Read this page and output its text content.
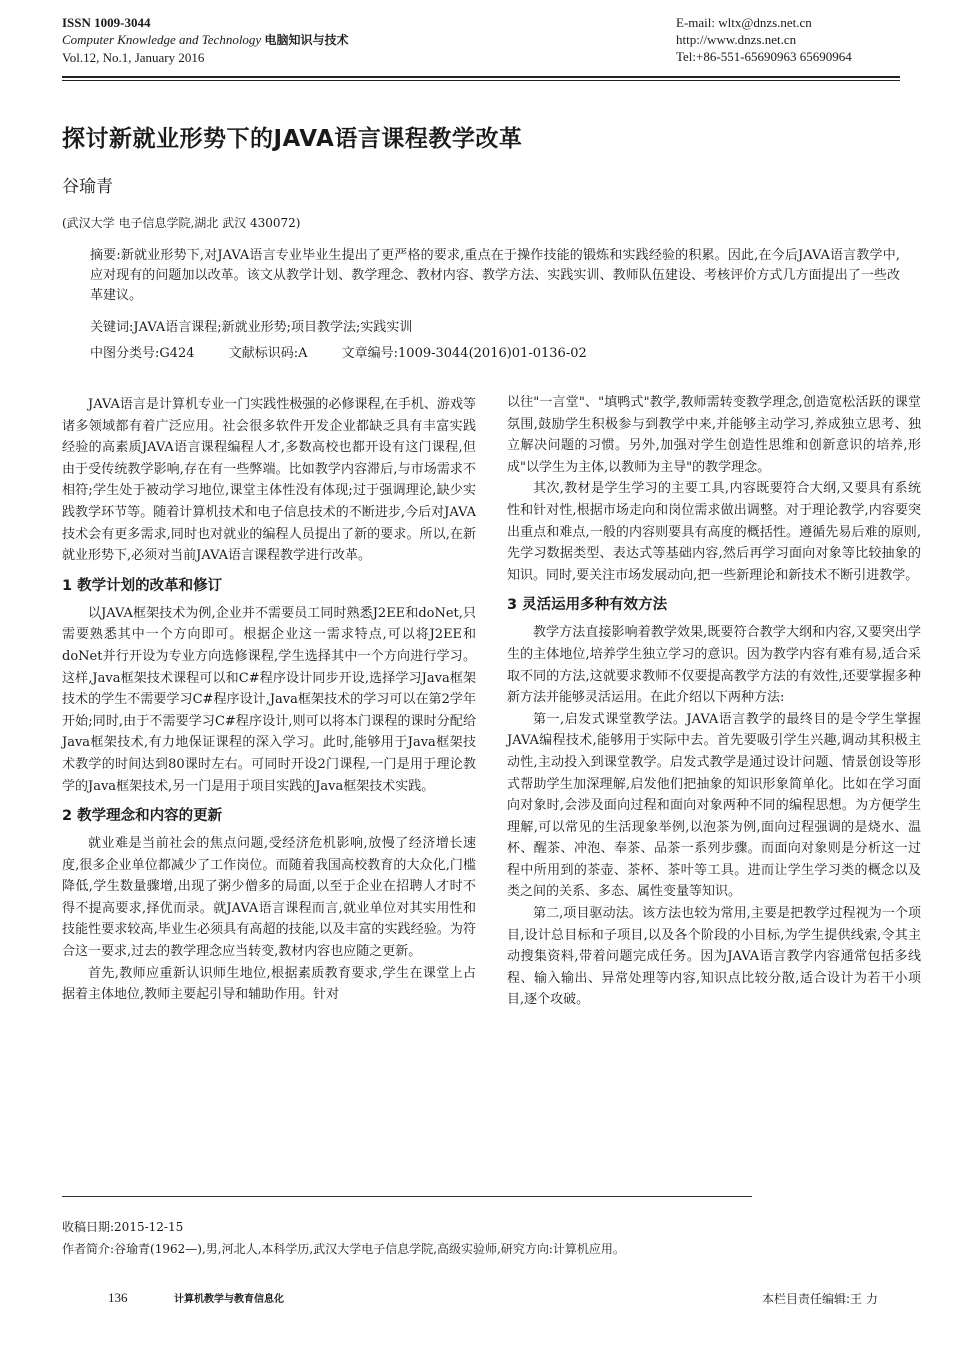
ISSN 1009-3044
Computer Knowledge and Technology 电脑知识与技术
Vol.12, No.1, January 2016
E-mail: wltx@dnzs.net.cn
http://www.dnzs.net.cn
Tel:+86-551-65690963 65690964
探讨新就业形势下的JAVA语言课程教学改革
谷瑜青
(武汉大学 电子信息学院,湖北 武汉 430072)
摘要:新就业形势下,对JAVA语言专业毕业生提出了更严格的要求,重点在于操作技能的锻炼和实践经验的积累。因此,在今后JAVA语言教学中,应对现有的问题加以改革。该文从教学计划、教学理念、教材内容、教学方法、实践实训、教师队伍建设、考核评价方式几方面提出了一些改革建议。
关键词:JAVA语言课程;新就业形势;项目教学法;实践实训
中图分类号:G424	文献标识码:A	文章编号:1009-3044(2016)01-0136-02

JAVA语言是计算机专业一门实践性极强的必修课程,在手机、游戏等诸多领域都有着广泛应用。社会很多软件开发企业都缺乏具有丰富实践经验的高素质JAVA语言课程编程人才,多数高校也都开设有这门课程,但由于受传统教学影响,存在有一些弊端。比如教学内容滞后,与市场需求不相符;学生处于被动学习地位,课堂主体性没有体现;过于强调理论,缺少实践教学环节等。随着计算机技术和电子信息技术的不断进步,今后对JAVA技术会有更多需求,同时也对就业的编程人员提出了新的要求。所以,在新就业形势下,必须对当前JAVA语言课程教学进行改革。

1 教学计划的改革和修订

以JAVA框架技术为例,企业并不需要员工同时熟悉J2EE和doNet,只需要熟悉其中一个方向即可。根据企业这一需求特点,可以将J2EE和doNet并行开设为专业方向选修课程,学生选择其中一个方向进行学习。这样,Java框架技术课程可以和C#程序设计同步开设,选择学习Java框架技术的学生不需要学习C#程序设计,Java框架技术的学习可以在第2学年开始;同时,由于不需要学习C#程序设计,则可以将本门课程的课时分配给Java框架技术,有力地保证课程的深入学习。此时,能够用于Java框架技术教学的时间达到80课时左右。可同时开设2门课程,一门是用于理论教学的Java框架技术,另一门是用于项目实践的Java框架技术实践。

2 教学理念和内容的更新

就业难是当前社会的焦点问题,受经济危机影响,放慢了经济增长速度,很多企业单位都减少了工作岗位。而随着我国高校教育的大众化,门槛降低,学生数量骤增,出现了粥少僧多的局面,以至于企业在招聘人才时不得不提高要求,择优而录。就JAVA语言课程而言,就业单位对其实用性和技能性要求较高,毕业生必须具有高超的技能,以及丰富的实践经验。为符合这一要求,过去的教学理念应当转变,教材内容也应随之更新。

首先,教师应重新认识师生地位,根据素质教育要求,学生在课堂上占据着主体地位,教师主要起引导和辅助作用。针对

以往"一言堂"、"填鸭式"教学,教师需转变教学理念,创造宽松活跃的课堂氛围,鼓励学生积极参与到教学中来,并能够主动学习,养成独立思考、独立解决问题的习惯。另外,加强对学生创造性思维和创新意识的培养,形成"以学生为主体,以教师为主导"的教学理念。

其次,教材是学生学习的主要工具,内容既要符合大纲,又要具有系统性和针对性,根据市场走向和岗位需求做出调整。对于理论教学,内容要突出重点和难点,一般的内容则要具有高度的概括性。遵循先易后难的原则,先学习数据类型、表达式等基础内容,然后再学习面向对象等比较抽象的知识。同时,要关注市场发展动向,把一些新理论和新技术不断引进教学。

3 灵活运用多种有效方法

教学方法直接影响着教学效果,既要符合教学大纲和内容,又要突出学生的主体地位,培养学生独立学习的意识。因为教学内容有难有易,适合采取不同的方法,这就要求教师不仅要提高教学方法的有效性,还要掌握多种新方法并能够灵活运用。在此介绍以下两种方法:

第一,启发式课堂教学法。JAVA语言教学的最终目的是令学生掌握JAVA编程技术,能够用于实际中去。首先要吸引学生兴趣,调动其积极主动性,主动投入到课堂教学。启发式教学是通过设计问题、情景创设等形式帮助学生加深理解,启发他们把抽象的知识形象简单化。比如在学习面向对象时,会涉及面向过程和面向对象两种不同的编程思想。为方便学生理解,可以常见的生活现象举例,以泡茶为例,面向过程强调的是烧水、温杯、醒茶、冲泡、奉茶、品茶一系列步骤。而面向对象则是分析这一过程中所用到的茶壶、茶杯、茶叶等工具。进而让学生学习类的概念以及类之间的关系、多态、属性变量等知识。

第二,项目驱动法。该方法也较为常用,主要是把教学过程视为一个项目,设计总目标和子项目,以及各个阶段的小目标,为学生提供线索,令其主动搜集资料,带着问题完成任务。因为JAVA语言教学内容通常包括多线程、输入输出、异常处理等内容,知识点比较分散,适合设计为若干小项目,逐个攻破。

收稿日期:2015-12-15
作者简介:谷瑜青(1962—),男,河北人,本科学历,武汉大学电子信息学院,高级实验师,研究方向:计算机应用。
136	计算机教学与教育信息化	本栏目责任编辑:王 力
